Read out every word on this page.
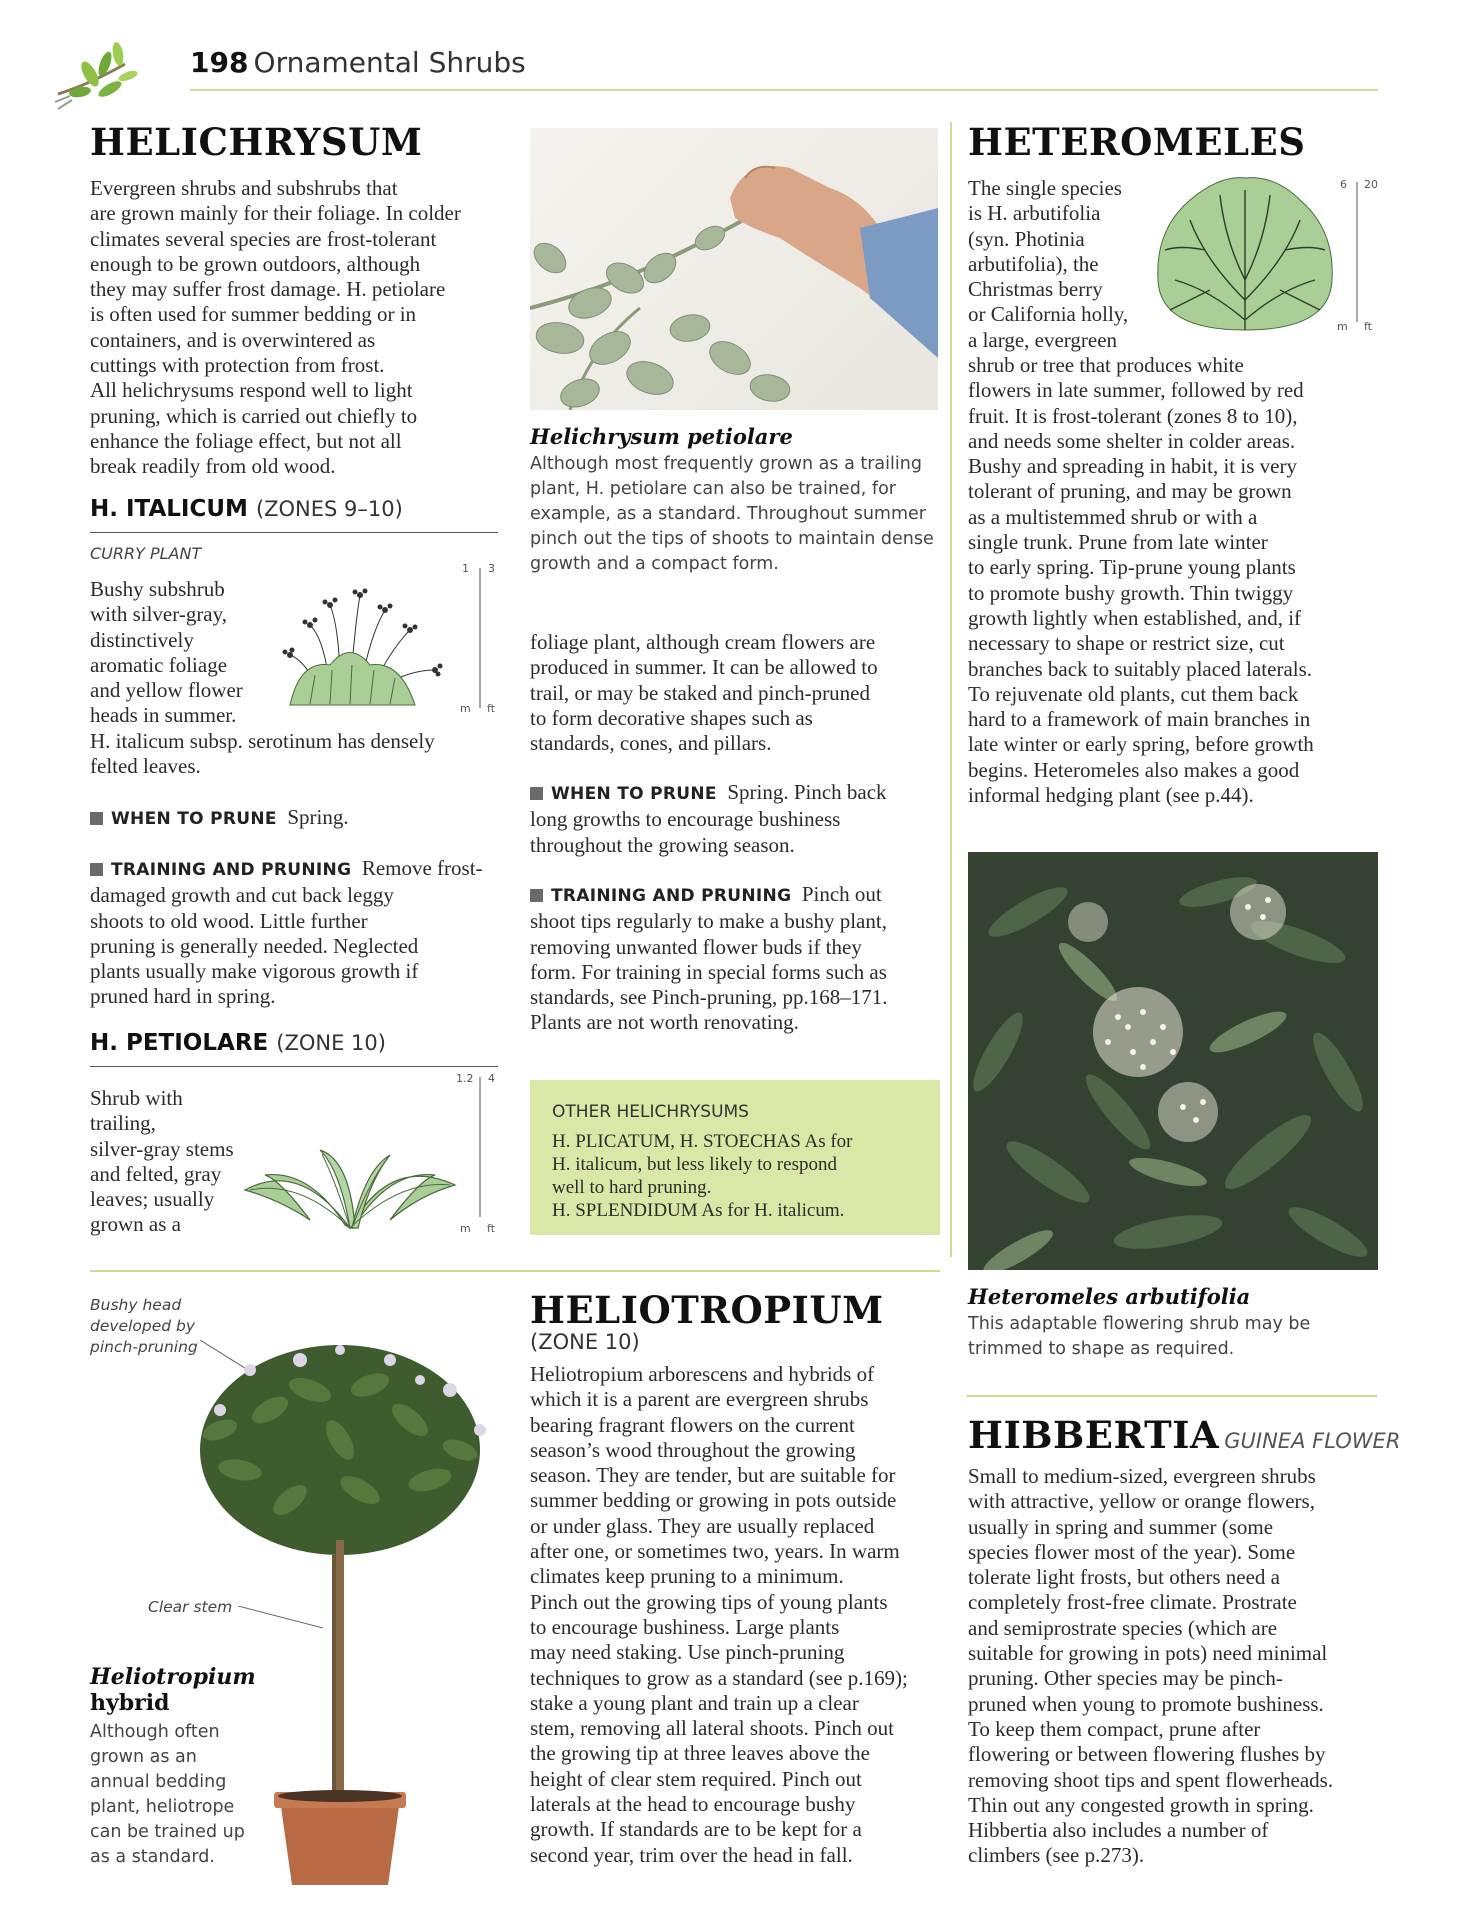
198 Ornamental Shrubs
HELICHRYSUM

Evergreen shrubs and subshrubs that

are grown mainly for their foliage. In colder

climates several species are frost-tolerant

enough to be grown outdoors, although

they may suffer frost damage. H. petiolare

is often used for summer bedding or in

containers, and is overwintered as

cuttings with protection from frost.

All helichrysums respond well to light

pruning, which is carried out chiefly to

enhance the foliage effect, but not all

break readily from old wood.

H. ITALICUM (ZONES 9–10)
CURRY PLANT

Bushy subshrub

with silver-gray,

distinctively

aromatic foliage

and yellow flower

heads in summer.

H. italicum subsp. serotinum has densely

felted leaves.

1 3
m ft
WHEN TO PRUNE Spring.

TRAINING AND PRUNING Remove frost-

damaged growth and cut back leggy

shoots to old wood. Little further

pruning is generally needed. Neglected

plants usually make vigorous growth if

pruned hard in spring.

H. PETIOLARE (ZONE 10)

Shrub with

trailing,

silver-gray stems

and felted, gray

leaves; usually

grown as a

1.2 4
m ft
Helichrysum petiolare

Although most frequently grown as a trailing

plant, H. petiolare can also be trained, for

example, as a standard. Throughout summer

pinch out the tips of shoots to maintain dense

growth and a compact form.

foliage plant, although cream flowers are

produced in summer. It can be allowed to

trail, or may be staked and pinch-pruned

to form decorative shapes such as

standards, cones, and pillars.

WHEN TO PRUNE Spring. Pinch back

long growths to encourage bushiness

throughout the growing season.

TRAINING AND PRUNING Pinch out

shoot tips regularly to make a bushy plant,

removing unwanted flower buds if they

form. For training in special forms such as

standards, see Pinch-pruning, pp.168–171.

Plants are not worth renovating.

OTHER HELICHRYSUMS

H. PLICATUM, H. STOECHAS As for

H. italicum, but less likely to respond

well to hard pruning.

H. SPLENDIDUM As for H. italicum.

HETEROMELES

The single species

is H. arbutifolia

(syn. Photinia

arbutifolia), the

Christmas berry

or California holly,

a large, evergreen

6 20
m ft

shrub or tree that produces white

flowers in late summer, followed by red

fruit. It is frost-tolerant (zones 8 to 10),

and needs some shelter in colder areas.

Bushy and spreading in habit, it is very

tolerant of pruning, and may be grown

as a multistemmed shrub or with a

single trunk. Prune from late winter

to early spring. Tip-prune young plants

to promote bushy growth. Thin twiggy

growth lightly when established, and, if

necessary to shape or restrict size, cut

branches back to suitably placed laterals.

To rejuvenate old plants, cut them back

hard to a framework of main branches in

late winter or early spring, before growth

begins. Heteromeles also makes a good

informal hedging plant (see p.44).

Heteromeles arbutifolia

This adaptable flowering shrub may be

trimmed to shape as required.

Bushy head

developed by

pinch-pruning

Clear stem

Heliotropium

hybrid

Although often

grown as an

annual bedding

plant, heliotrope

can be trained up

as a standard.

HELIOTROPIUM
(ZONE 10)

Heliotropium arborescens and hybrids of

which it is a parent are evergreen shrubs

bearing fragrant flowers on the current

season’s wood throughout the growing

season. They are tender, but are suitable for

summer bedding or growing in pots outside

or under glass. They are usually replaced

after one, or sometimes two, years. In warm

climates keep pruning to a minimum.

Pinch out the growing tips of young plants

to encourage bushiness. Large plants

may need staking. Use pinch-pruning

techniques to grow as a standard (see p.169);

stake a young plant and train up a clear

stem, removing all lateral shoots. Pinch out

the growing tip at three leaves above the

height of clear stem required. Pinch out

laterals at the head to encourage bushy

growth. If standards are to be kept for a

second year, trim over the head in fall.

HIBBERTIA GUINEA FLOWER

Small to medium-sized, evergreen shrubs

with attractive, yellow or orange flowers,

usually in spring and summer (some

species flower most of the year). Some

tolerate light frosts, but others need a

completely frost-free climate. Prostrate

and semiprostrate species (which are

suitable for growing in pots) need minimal

pruning. Other species may be pinch-

pruned when young to promote bushiness.

To keep them compact, prune after

flowering or between flowering flushes by

removing shoot tips and spent flowerheads.

Thin out any congested growth in spring.

Hibbertia also includes a number of

climbers (see p.273).
